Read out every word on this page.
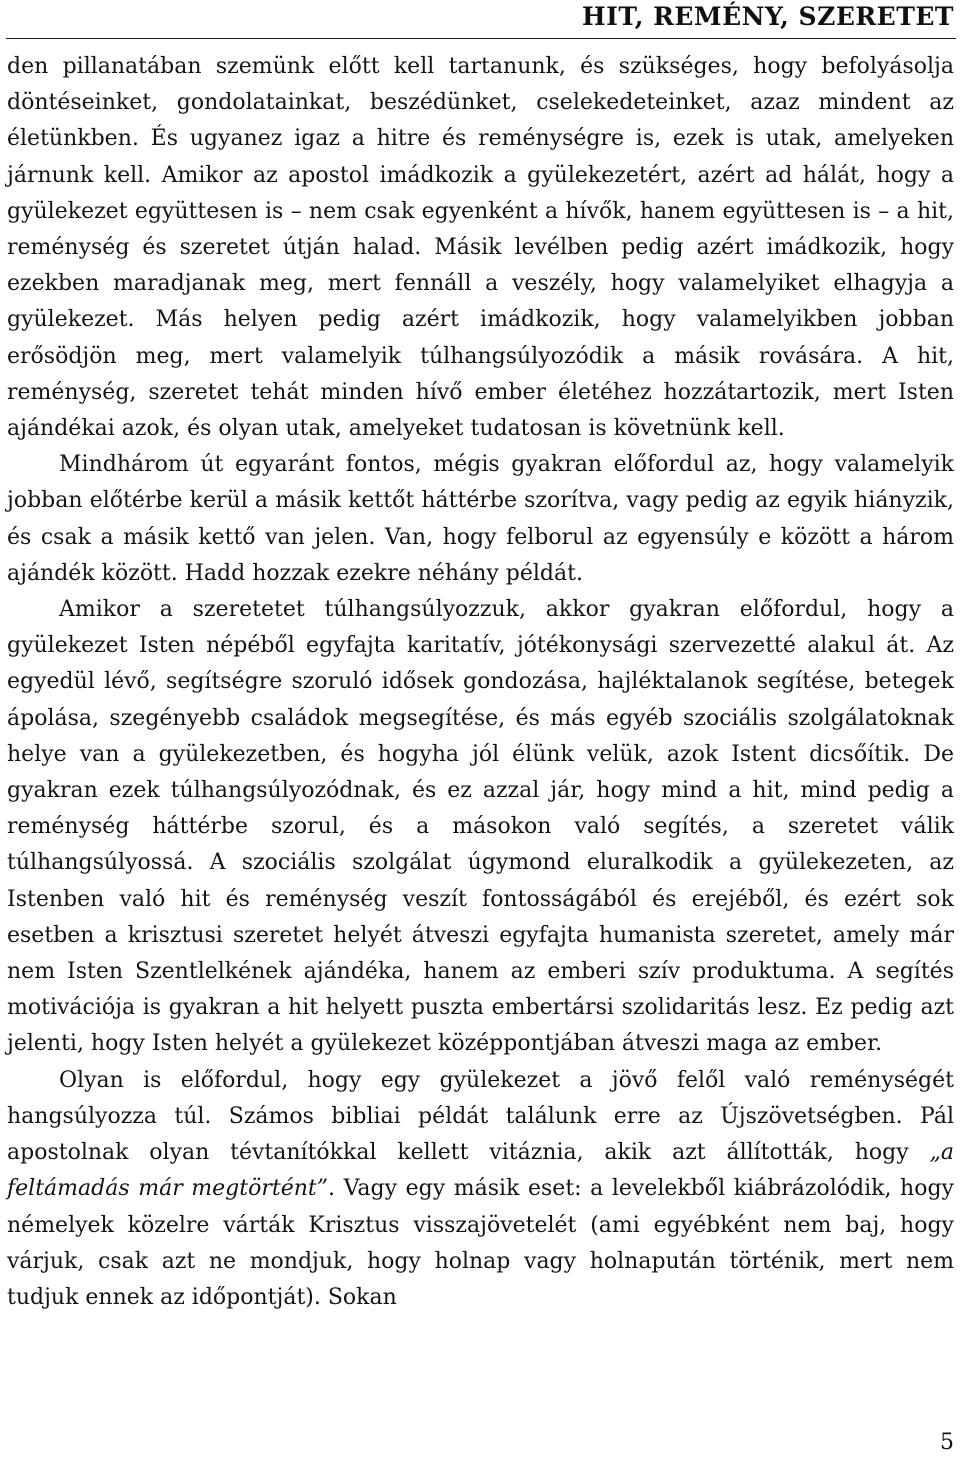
HIT, REMÉNY, SZERETET

den pillanatában szemünk előtt kell tartanunk, és szükséges, hogy befolyásolja döntéseinket, gondolatainkat, beszédünket, cselekedeteinket, azaz mindent az életünkben. És ugyanez igaz a hitre és reménységre is, ezek is utak, amelyeken járnunk kell. Amikor az apostol imádkozik a gyülekezetért, azért ad hálát, hogy a gyülekezet együttesen is – nem csak egyenként a hívők, hanem együttesen is – a hit, reménység és szeretet útján halad. Másik levélben pedig azért imádkozik, hogy ezekben maradjanak meg, mert fennáll a veszély, hogy valamelyiket elhagyja a gyülekezet. Más helyen pedig azért imádkozik, hogy valamelyikben jobban erősödjön meg, mert valamelyik túlhangsúlyozódik a másik rovására. A hit, reménység, szeretet tehát minden hívő ember életéhez hozzátartozik, mert Isten ajándékai azok, és olyan utak, amelyeket tudatosan is követnünk kell.

Mindhárom út egyaránt fontos, mégis gyakran előfordul az, hogy valamelyik jobban előtérbe kerül a másik kettőt háttérbe szorítva, vagy pedig az egyik hiányzik, és csak a másik kettő van jelen. Van, hogy felborul az egyensúly e között a három ajándék között. Hadd hozzak ezekre néhány példát.

Amikor a szeretetet túlhangsúlyozzuk, akkor gyakran előfordul, hogy a gyülekezet Isten népéből egyfajta karitatív, jótékonysági szervezetté alakul át. Az egyedül lévő, segítségre szoruló idősek gondozása, hajléktalanok segítése, betegek ápolása, szegényebb családok megsegítése, és más egyéb szociális szolgálatoknak helye van a gyülekezetben, és hogyha jól élünk velük, azok Istent dicsőítik. De gyakran ezek túlhangsúlyozódnak, és ez azzal jár, hogy mind a hit, mind pedig a reménység háttérbe szorul, és a másokon való segítés, a szeretet válik túlhangsúlyossá. A szociális szolgálat úgymond eluralkodik a gyülekezeten, az Istenben való hit és reménység veszít fontosságából és erejéből, és ezért sok esetben a krisztusi szeretet helyét átveszi egyfajta humanista szeretet, amely már nem Isten Szentlelkének ajándéka, hanem az emberi szív produktuma. A segítés motivációja is gyakran a hit helyett puszta embertársi szolidaritás lesz. Ez pedig azt jelenti, hogy Isten helyét a gyülekezet középpontjában átveszi maga az ember.

Olyan is előfordul, hogy egy gyülekezet a jövő felől való reménységét hangsúlyozza túl. Számos bibliai példát találunk erre az Újszövetségben. Pál apostolnak olyan tévtanítókkal kellett vitáznia, akik azt állították, hogy „a feltámadás már megtörtént”. Vagy egy másik eset: a levelekből kiábrázolódik, hogy némelyek közelre várták Krisztus visszajövetelét (ami egyébként nem baj, hogy várjuk, csak azt ne mondjuk, hogy holnap vagy holnapután történik, mert nem tudjuk ennek az időpontját). Sokan

5
